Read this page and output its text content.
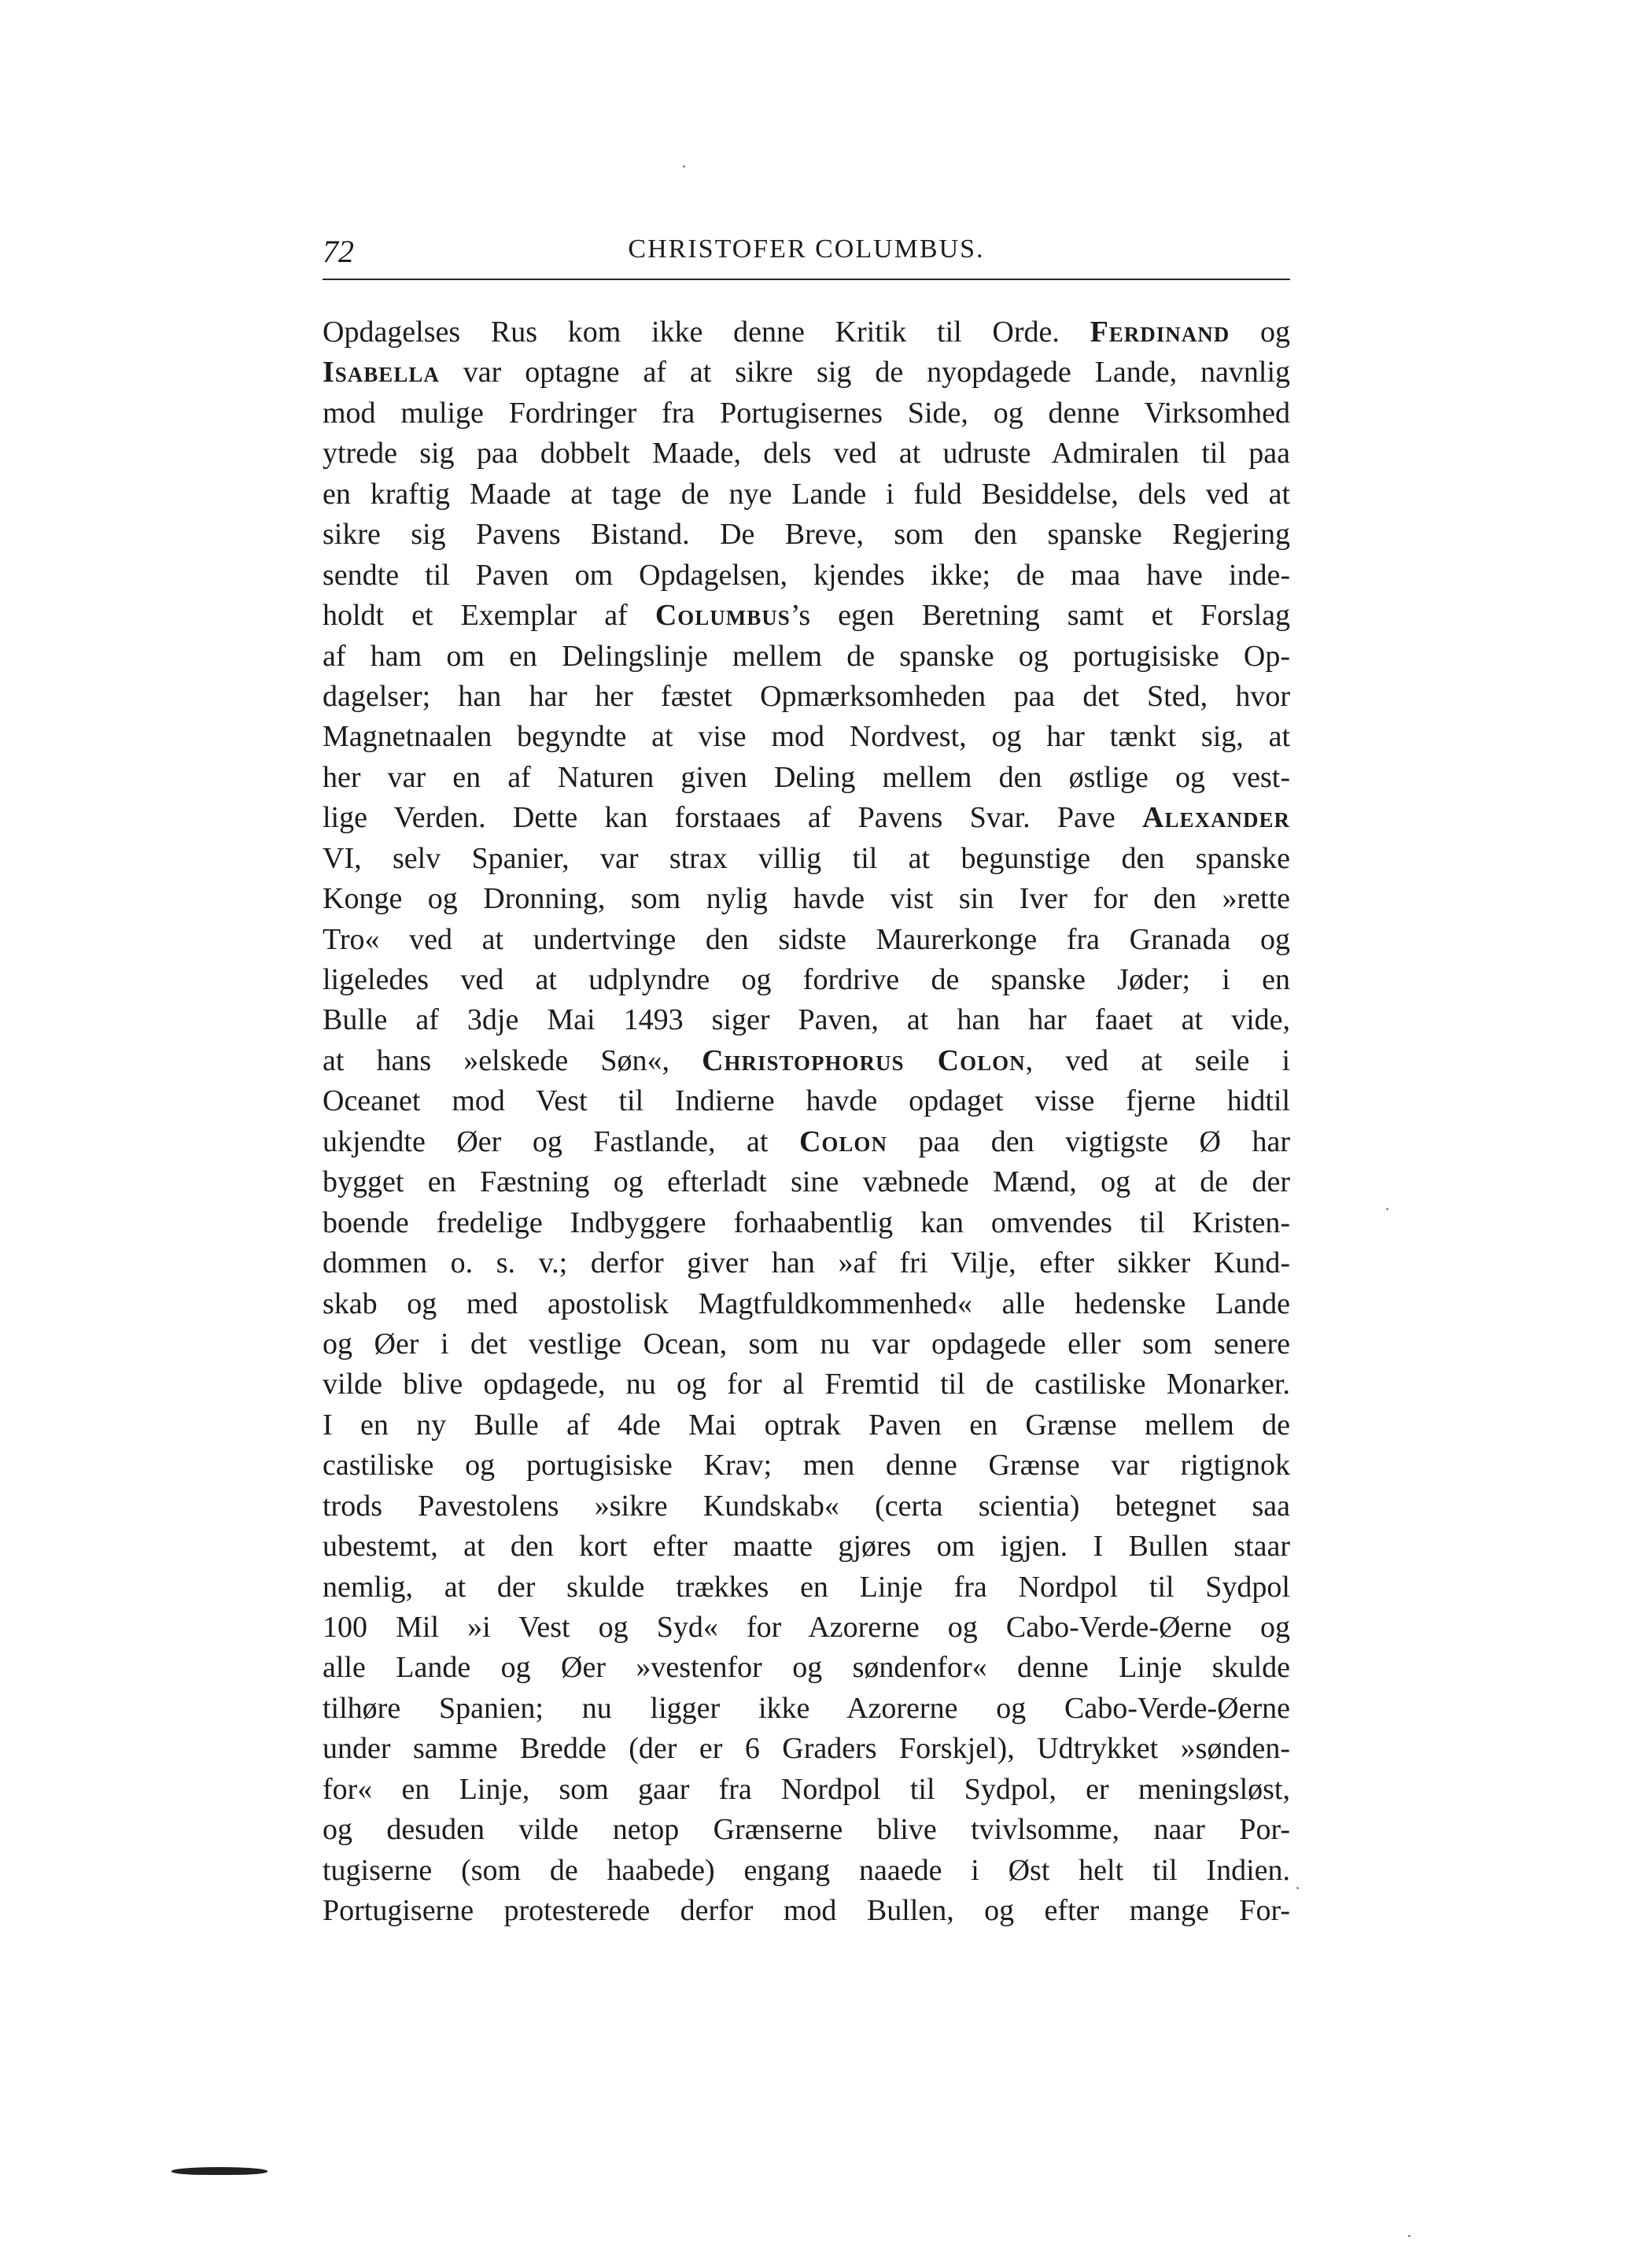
72	CHRISTOFER COLUMBUS.
Opdagelses Rus kom ikke denne Kritik til Orde. Ferdinand og
Isabella var optagne af at sikre sig de nyopdagede Lande, navnlig
mod mulige Fordringer fra Portugisernes Side, og denne Virksomhed
ytrede sig paa dobbelt Maade, dels ved at udruste Admiralen til paa
en kraftig Maade at tage de nye Lande i fuld Besiddelse, dels ved at
sikre sig Pavens Bistand. De Breve, som den spanske Regjering
sendte til Paven om Opdagelsen, kjendes ikke; de maa have inde-
holdt et Exemplar af Columbus’s egen Beretning samt et Forslag
af ham om en Delingslinje mellem de spanske og portugisiske Op-
dagelser; han har her fæstet Opmærksomheden paa det Sted, hvor
Magnetnaalen begyndte at vise mod Nordvest, og har tænkt sig, at
her var en af Naturen given Deling mellem den østlige og vest-
lige Verden. Dette kan forstaaes af Pavens Svar. Pave Alexander
VI, selv Spanier, var strax villig til at begunstige den spanske
Konge og Dronning, som nylig havde vist sin Iver for den »rette
Tro« ved at undertvinge den sidste Maurerkonge fra Granada og
ligeledes ved at udplyndre og fordrive de spanske Jøder; i en
Bulle af 3dje Mai 1493 siger Paven, at han har faaet at vide,
at hans »elskede Søn«, Christophorus Colon, ved at seile i
Oceanet mod Vest til Indierne havde opdaget visse fjerne hidtil
ukjendte Øer og Fastlande, at Colon paa den vigtigste Ø har
bygget en Fæstning og efterladt sine væbnede Mænd, og at de der
boende fredelige Indbyggere forhaabentlig kan omvendes til Kristen-
dommen o. s. v.; derfor giver han »af fri Vilje, efter sikker Kund-
skab og med apostolisk Magtfuldkommenhed« alle hedenske Lande
og Øer i det vestlige Ocean, som nu var opdagede eller som senere
vilde blive opdagede, nu og for al Fremtid til de castiliske Monarker.
I en ny Bulle af 4de Mai optrak Paven en Grænse mellem de
castiliske og portugisiske Krav; men denne Grænse var rigtignok
trods Pavestolens »sikre Kundskab« (certa scientia) betegnet saa
ubestemt, at den kort efter maatte gjøres om igjen. I Bullen staar
nemlig, at der skulde trækkes en Linje fra Nordpol til Sydpol
100 Mil »i Vest og Syd« for Azorerne og Cabo-Verde-Øerne og
alle Lande og Øer »vestenfor og søndenfor« denne Linje skulde
tilhøre Spanien; nu ligger ikke Azorerne og Cabo-Verde-Øerne
under samme Bredde (der er 6 Graders Forskjel), Udtrykket »sønden-
for« en Linje, som gaar fra Nordpol til Sydpol, er meningsløst,
og desuden vilde netop Grænserne blive tvivlsomme, naar Por-
tugiserne (som de haabede) engang naaede i Øst helt til Indien.
Portugiserne protesterede derfor mod Bullen, og efter mange For-
